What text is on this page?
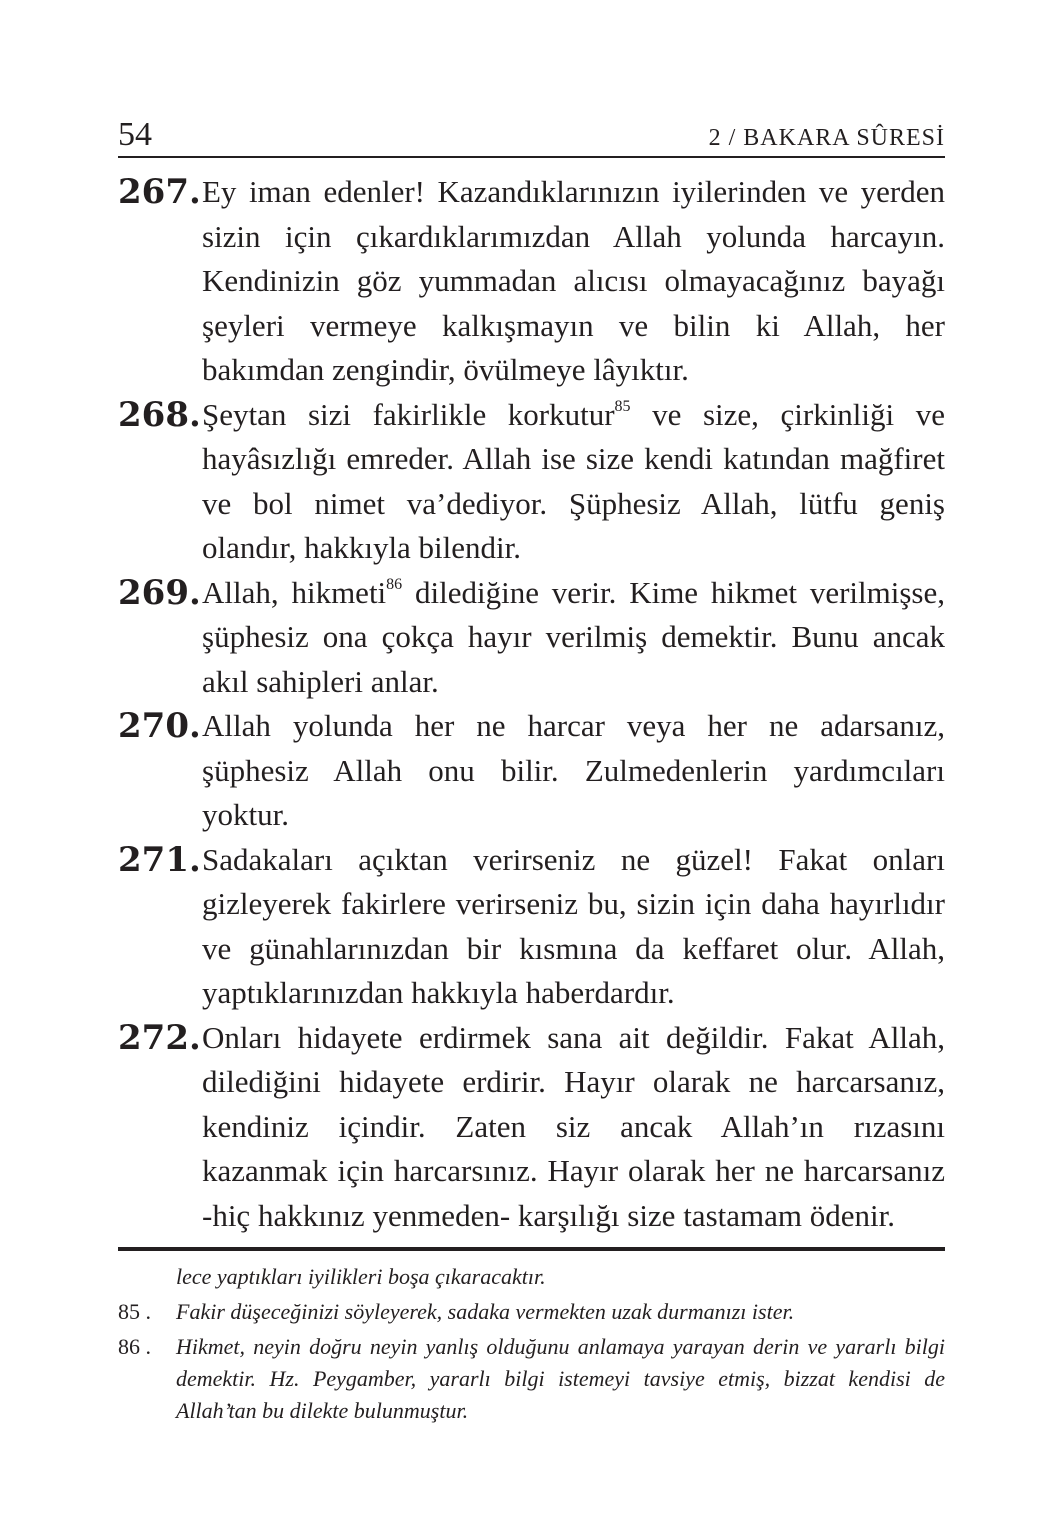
54	2 / BAKARA SÛRESİ

267. Ey iman edenler! Kazandıklarınızın iyilerinden ve yerden sizin için çıkardıklarımızdan Allah yolunda harcayın. Kendinizin göz yummadan alıcısı olmayacağınız bayağı şeyleri vermeye kalkışmayın ve bilin ki Allah, her bakımdan zengindir, övülmeye lâyıktır.

268. Şeytan sizi fakirlikle korkutur$^{85}$ ve size, çirkinliği ve hayâsızlığı emreder. Allah ise size kendi katından mağfiret ve bol nimet va’dediyor. Şüphesiz Allah, lütfu geniş olandır, hakkıyla bilendir.

269. Allah, hikmeti$^{86}$ dilediğine verir. Kime hikmet verilmişse, şüphesiz ona çokça hayır verilmiş demektir. Bunu ancak akıl sahipleri anlar.

270. Allah yolunda her ne harcar veya her ne adarsanız, şüphesiz Allah onu bilir. Zulmedenlerin yardımcıları yoktur.

271. Sadakaları açıktan verirseniz ne güzel! Fakat onları gizleyerek fakirlere verirseniz bu, sizin için daha hayırlıdır ve günahlarınızdan bir kısmına da keffaret olur. Allah, yaptıklarınızdan hakkıyla haberdardır.

272. Onları hidayete erdirmek sana ait değildir. Fakat Allah, dilediğini hidayete erdirir. Hayır olarak ne harcarsanız, kendiniz içindir. Zaten siz ancak Allah’ın rızasını kazanmak için harcarsınız. Hayır olarak her ne harcarsanız -hiç hakkınız yenmeden- karşılığı size tastamam ödenir.

lece yaptıkları iyilikleri boşa çıkaracaktır.
85 . Fakir düşeceğinizi söyleyerek, sadaka vermekten uzak durmanızı ister.
86 . Hikmet, neyin doğru neyin yanlış olduğunu anlamaya yarayan derin ve yararlı bilgi demektir. Hz. Peygamber, yararlı bilgi istemeyi tavsiye etmiş, bizzat kendisi de Allah’tan bu dilekte bulunmuştur.
